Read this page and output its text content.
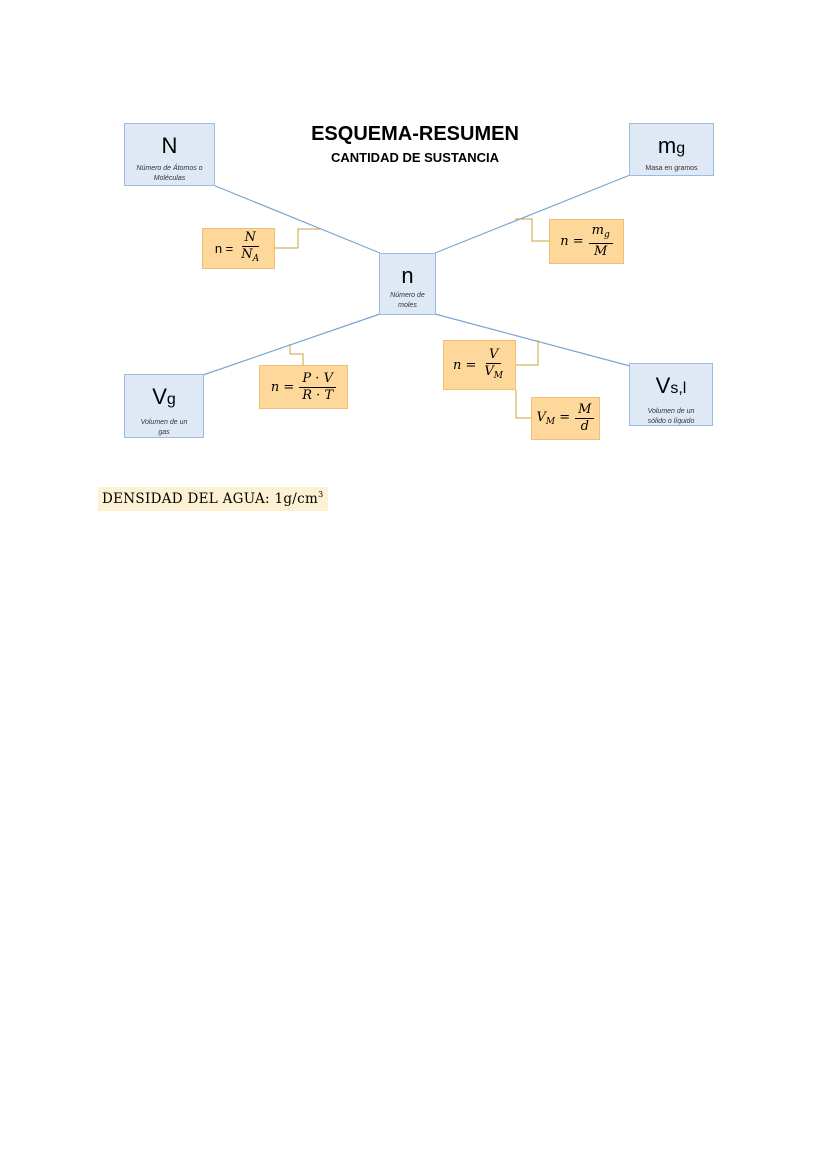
ESQUEMA-RESUMEN
CANTIDAD DE SUSTANCIA
N
Número de Átomos o Moléculas
mg
Masa en gramos
n
Número de moles
Vg
Volumen de un gas
Vs,l
Volumen de un sólido o líquido
$n = \frac{N}{N_A}$	$n = \frac{m_g}{M}$
$n = \frac{P \cdot V}{R \cdot T}$
$n = \frac{V}{V_M}$
$V_M = \frac{M}{d}$
DENSIDAD DEL AGUA: $1g/cm^3$
